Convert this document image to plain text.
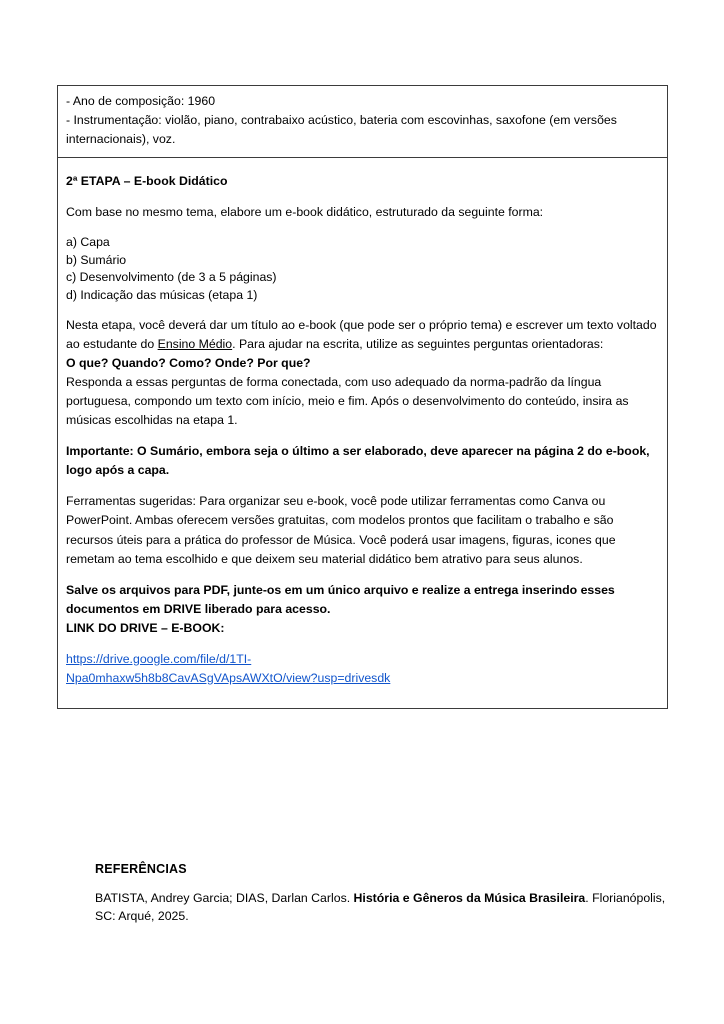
- Ano de composição: 1960

- Instrumentação: violão, piano, contrabaixo acústico, bateria com escovinhas, saxofone (em versões internacionais), voz.

2ª ETAPA – E-book Didático

Com base no mesmo tema, elabore um e-book didático, estruturado da seguinte forma:

a) Capa

b) Sumário

c) Desenvolvimento (de 3 a 5 páginas)

d) Indicação das músicas (etapa 1)

Nesta etapa, você deverá dar um título ao e-book (que pode ser o próprio tema) e escrever um texto voltado ao estudante do Ensino Médio. Para ajudar na escrita, utilize as seguintes perguntas orientadoras:

O que? Quando? Como? Onde? Por que?

Responda a essas perguntas de forma conectada, com uso adequado da norma-padrão da língua portuguesa, compondo um texto com início, meio e fim. Após o desenvolvimento do conteúdo, insira as músicas escolhidas na etapa 1.

Importante: O Sumário, embora seja o último a ser elaborado, deve aparecer na página 2 do e-book, logo após a capa.

Ferramentas sugeridas: Para organizar seu e-book, você pode utilizar ferramentas como Canva ou PowerPoint. Ambas oferecem versões gratuitas, com modelos prontos que facilitam o trabalho e são recursos úteis para a prática do professor de Música. Você poderá usar imagens, figuras, icones que remetam ao tema escolhido e que deixem seu material didático bem atrativo para seus alunos.

Salve os arquivos para PDF, junte-os em um único arquivo e realize a entrega inserindo esses documentos em DRIVE liberado para acesso.

LINK DO DRIVE – E-BOOK:

https://drive.google.com/file/d/1TI-
Npa0mhaxw5h8b8CavASgVApsAWXtO/view?usp=drivesdk

REFERÊNCIAS
BATISTA, Andrey Garcia; DIAS, Darlan Carlos. História e Gêneros da Música Brasileira. Florianópolis, SC: Arqué, 2025.
